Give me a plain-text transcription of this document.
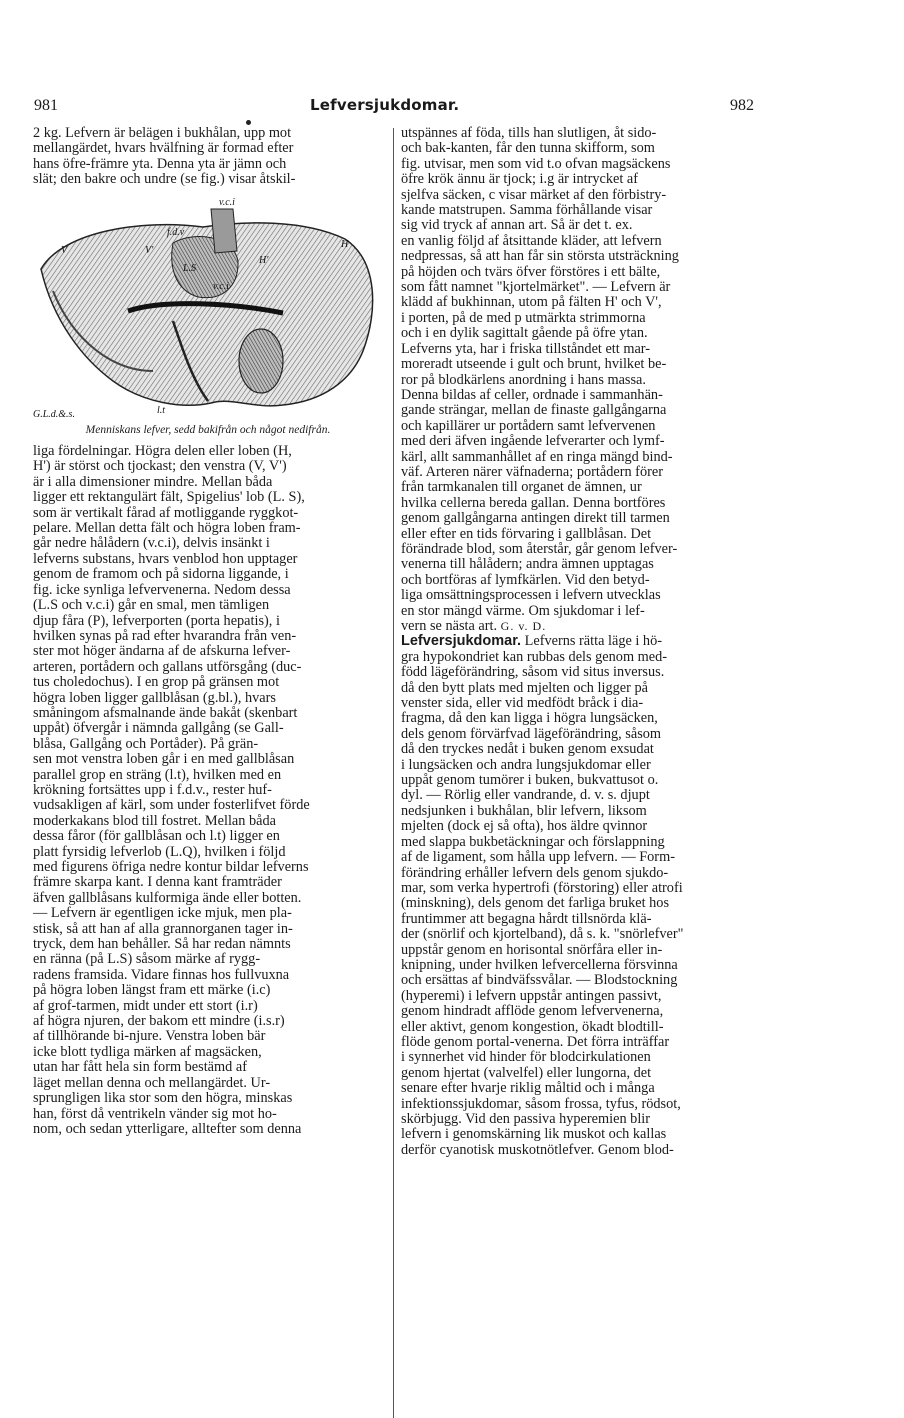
981	Lefversjukdomar.	982

2 kg. Lefvern är belägen i bukhålan, upp mot
mellangärdet, hvars hvälfning är formad efter
hans öfre-främre yta. Denna yta är jämn och
slät; den bakre och undre (se fig.) visar åtskil-

v.c.i
f.d.v
V	V'
H
H'
L.S
v.c.i
l.t
G.L.d.&.s.
Menniskans lefver, sedd bakifrån och något nedifrån.

liga fördelningar. Högra delen eller loben (H,
H') är störst och tjockast; den venstra (V, V')
är i alla dimensioner mindre. Mellan båda
ligger ett rektangulärt fält, Spigelius' lob (L. S),
som är vertikalt fårad af motliggande ryggkot-
pelare. Mellan detta fält och högra loben fram-
går nedre hålådern (v.c.i), delvis insänkt i
lefverns substans, hvars venblod hon upptager
genom de framom och på sidorna liggande, i
fig. icke synliga lefvervenerna. Nedom dessa
(L.S och v.c.i) går en smal, men tämligen
djup fåra (P), lefverporten (porta hepatis), i
hvilken synas på rad efter hvarandra från ven-
ster mot höger ändarna af de afskurna lefver-
arteren, portådern och gallans utförsgång (duc-
tus choledochus). I en grop på gränsen mot
högra loben ligger gallblåsan (g.bl.), hvars
småningom afsmalnande ände bakåt (skenbart
uppåt) öfvergår i nämnda gallgång (se Gall-
blåsa, Gallgång och Portåder). På grän-
sen mot venstra loben går i en med gallblåsan
parallel grop en sträng (l.t), hvilken med en
krökning fortsättes upp i f.d.v., rester huf-
vudsakligen af kärl, som under fosterlifvet förde
moderkakans blod till fostret. Mellan båda
dessa fåror (för gallblåsan och l.t) ligger en
platt fyrsidig lefverlob (L.Q), hvilken i följd
med figurens öfriga nedre kontur bildar lefverns
främre skarpa kant. I denna kant framträder
äfven gallblåsans kulformiga ände eller botten.
— Lefvern är egentligen icke mjuk, men pla-
stisk, så att han af alla grannorganen tager in-
tryck, dem han behåller. Så har redan nämnts
en ränna (på L.S) såsom märke af rygg-
radens framsida. Vidare finnas hos fullvuxna
på högra loben längst fram ett märke (i.c)
af grof-tarmen, midt under ett stort (i.r)
af högra njuren, der bakom ett mindre (i.s.r)
af tillhörande bi-njure. Venstra loben bär
icke blott tydliga märken af magsäcken,
utan har fått hela sin form bestämd af
läget mellan denna och mellangärdet. Ur-
sprungligen lika stor som den högra, minskas
han, först då ventrikeln vänder sig mot ho-
nom, och sedan ytterligare, alltefter som denna

utspännes af föda, tills han slutligen, åt sido-
och bak-kanten, får den tunna skifform, som
fig. utvisar, men som vid t.o ofvan magsäckens
öfre krök ännu är tjock; i.g är intrycket af
sjelfva säcken, c visar märket af den förbistry-
kande matstrupen. Samma förhållande visar
sig vid tryck af annan art. Så är det t. ex.
en vanlig följd af åtsittande kläder, att lefvern
nedpressas, så att han får sin största utsträckning
på höjden och tvärs öfver förstöres i ett bälte,
som fått namnet "kjortelmärket". — Lefvern är
klädd af bukhinnan, utom på fälten H' och V',
i porten, på de med p utmärkta strimmorna
och i en dylik sagittalt gående på öfre ytan.
Lefverns yta, har i friska tillståndet ett mar-
moreradt utseende i gult och brunt, hvilket be-
ror på blodkärlens anordning i hans massa.
Denna bildas af celler, ordnade i sammanhän-
gande strängar, mellan de finaste gallgångarna
och kapillärer ur portådern samt lefvervenen
med deri äfven ingående lefverarter och lymf-
kärl, allt sammanhållet af en ringa mängd bind-
väf. Arteren närer väfnaderna; portådern förer
från tarmkanalen till organet de ämnen, ur
hvilka cellerna bereda gallan. Denna bortföres
genom gallgångarna antingen direkt till tarmen
eller efter en tids förvaring i gallblåsan. Det
förändrade blod, som återstår, går genom lefver-
venerna till hålådern; andra ämnen upptagas
och bortföras af lymfkärlen. Vid den betyd-
liga omsättningsprocessen i lefvern utvecklas
en stor mängd värme. Om sjukdomar i lef-
vern se nästa art. G. v. D.

Lefversjukdomar. Lefverns rätta läge i hö-
gra hypokondriet kan rubbas dels genom med-
född lägeförändring, såsom vid situs inversus.
då den bytt plats med mjelten och ligger på
venster sida, eller vid medfödt bråck i dia-
fragma, då den kan ligga i högra lungsäcken,
dels genom förvärfvad lägeförändring, såsom
då den tryckes nedåt i buken genom exsudat
i lungsäcken och andra lungsjukdomar eller
uppåt genom tumörer i buken, bukvattusot o.
dyl. — Rörlig eller vandrande, d. v. s. djupt
nedsjunken i bukhålan, blir lefvern, liksom
mjelten (dock ej så ofta), hos äldre qvinnor
med slappa bukbetäckningar och förslappning
af de ligament, som hålla upp lefvern. — Form-
förändring erhåller lefvern dels genom sjukdo-
mar, som verka hypertrofi (förstoring) eller atrofi
(minskning), dels genom det farliga bruket hos
fruntimmer att begagna hårdt tillsnörda klä-
der (snörlif och kjortelband), då s. k. "snörlefver"
uppstår genom en horisontal snörfåra eller in-
knipning, under hvilken lefvercellerna försvinna
och ersättas af bindväfssvålar. — Blodstockning
(hyperemi) i lefvern uppstår antingen passivt,
genom hindradt afflöde genom lefvervenerna,
eller aktivt, genom kongestion, ökadt blodtill-
flöde genom portal-venerna. Det förra inträffar
i synnerhet vid hinder för blodcirkulationen
genom hjertat (valvelfel) eller lungorna, det
senare efter hvarje riklig måltid och i många
infektionssjukdomar, såsom frossa, tyfus, rödsot,
skörbjugg. Vid den passiva hyperemien blir
lefvern i genomskärning lik muskot och kallas
derför cyanotisk muskotnötlefver. Genom blod-
